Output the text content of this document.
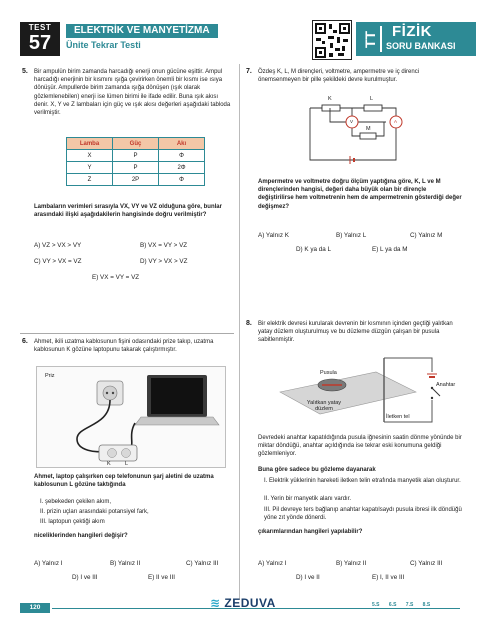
TEST
57
ELEKTRİK VE MANYETİZMA
Ünite Tekrar Testi	TT FİZİK
SORU BANKASI
5. Bir ampulün birim zamanda harcadığı enerji onun gücüne eşittir. Ampul harcadığı enerjinin bir kısmını ışığa çevirirken önemli bir kısmı ise ısıya dönüşür. Ampullerde birim zamanda ışığa dönüşen (ışık olarak gözlemlenebilen) enerji ise lümen birimi ile ifade edilir. Buna ışık akısı denir. X, Y ve Z lambaları için güç ve ışık akısı değerleri aşağıdaki tabloda verilmiştir.
Lamba	Güç	Akı
X	P	Φ
Y	P	2Φ
Z	2P	Φ
Lambaların verimleri sırasıyla VX, VY ve VZ olduğuna göre, bunlar arasındaki ilişki aşağıdakilerin hangisinde doğru verilmiştir?
A) VZ > VX > VY	B) VX = VY > VZ
C) VY > VX = VZ	D) VY > VX > VZ
E) VX = VY = VZ
6. Ahmet, ikili uzatma kablosunun fişini odasındaki prize takıp, uzatma kablosunun K gözüne laptopunu takarak çalıştırmıştır.
Priz
K	L
Ahmet, laptop çalışırken cep telefonunun şarj aletini de uzatma kablosunun L gözüne taktığında
I. şebekeden çekilen akım,
II. prizin uçları arasındaki potansiyel fark,
III. laptopun çektiği akım
niceliklerinden hangileri değişir?
A) Yalnız I	B) Yalnız II	C) Yalnız III
D) I ve III	E) II ve III
7. Özdeş K, L, M dirençleri, voltmetre, ampermetre ve iç direnci önemsenmeyen bir pille şekildeki devre kurulmuştur.
K	L
M
V	A
Ampermetre ve voltmetre doğru ölçüm yaptığına göre, K, L ve M dirençlerinden hangisi, değeri daha büyük olan bir dirençle değiştirilirse hem voltmetrenin hem de ampermetrenin gösterdiği değer değişmez?
A) Yalnız K	B) Yalnız L	C) Yalnız M
D) K ya da L	E) L ya da M
8. Bir elektrik devresi kurularak devrenin bir kısmının içinden geçtiği yalıtkan yatay düzlem oluşturulmuş ve bu düzleme düzgün çalışan bir pusula sabitlenmiştir.
Pusula
Yalıtkan yatay düzlem
İletken tel
Anahtar
Devredeki anahtar kapatıldığında pusula iğnesinin saatin dönme yönünde bir miktar döndüğü, anahtar açıldığında ise tekrar eski konumuna geldiği gözlemleniyor.
Buna göre sadece bu gözleme dayanarak
I. Elektrik yüklerinin hareketi iletken telin etrafında manyetik alan oluşturur.
II. Yerin bir manyetik alanı vardır.
III. Pil devreye ters bağlanıp anahtar kapatılsaydı pusula ibresi ilk döndüğü yöne zıt yönde dönerdi.
çıkarımlarından hangileri yapılabilir?
A) Yalnız I	B) Yalnız II	C) Yalnız III
D) I ve II	E) I, II ve III
120	≋ ZEDUVA	5.S 6.S 7.S 8.S
